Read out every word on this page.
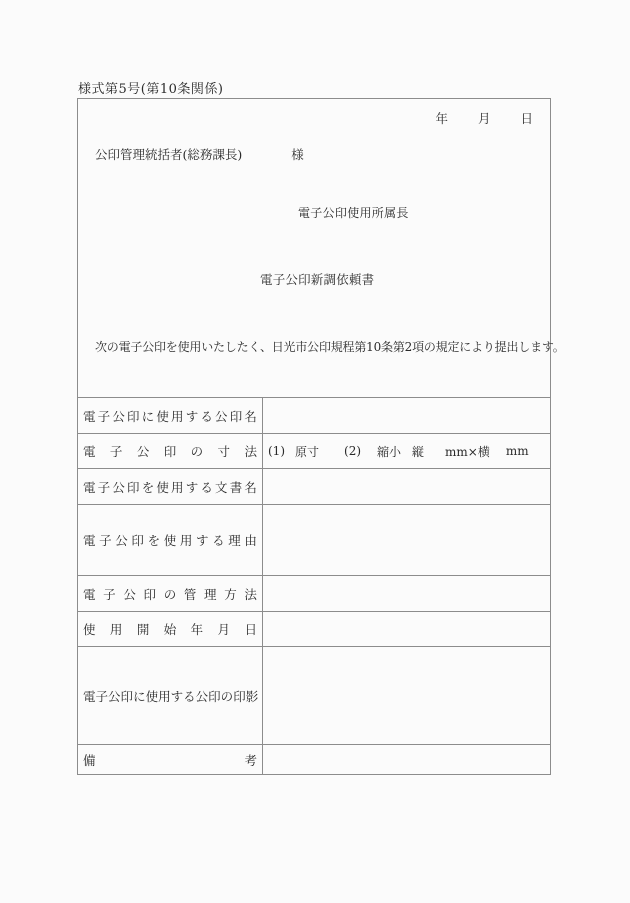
様式第5号(第10条関係)
年 月 日
公印管理統括者(総務課長)	様
電子公印使用所属長
電子公印新調依頼書
次の電子公印を使用いたしたく、日光市公印規程第10条第2項の規定により提出します。
電 子 公 印 に 使 用 す る 公 印 名
電 子 公 印 の 寸 法 (1) 原寸 (2) 縮小 縦 mm×横 mm
電 子 公 印 を 使 用 す る 文 書 名
電 子 公 印 を 使 用 す る 理 由
電 子 公 印 の 管 理 方 法
使 用 開 始 年 月 日
電 子 公 印 に 使 用 す る 公 印 の 印 影
備	考
